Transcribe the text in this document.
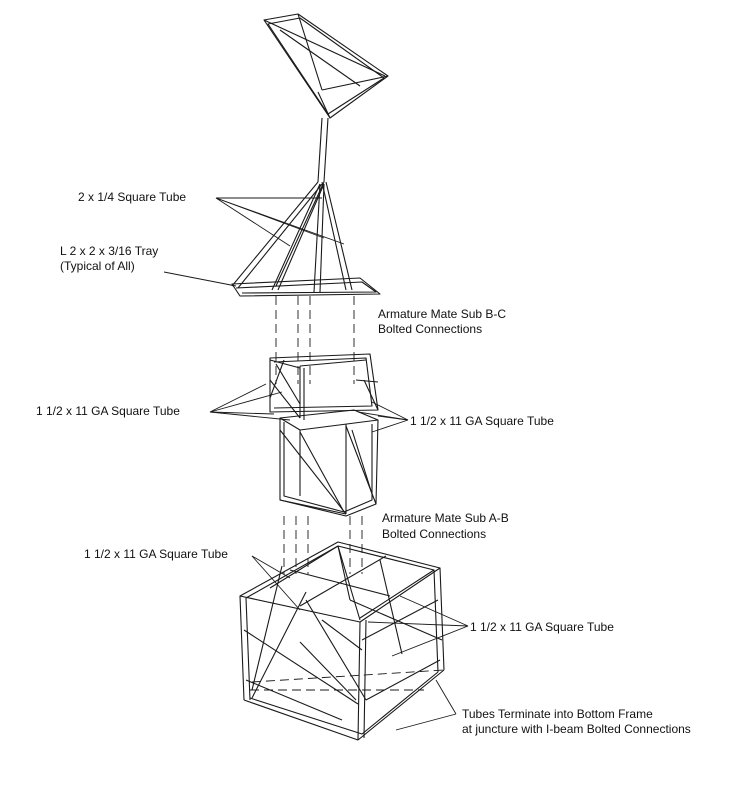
2 x 1/4 Square Tube
L 2 x 2 x 3/16 Tray
(Typical of All)
Armature Mate Sub B-C
Bolted Connections
1 1/2 x 11 GA Square Tube
1 1/2 x 11 GA Square Tube
Armature Mate Sub A-B
Bolted Connections
1 1/2 x 11 GA Square Tube
1 1/2 x 11 GA Square Tube
Tubes Terminate into Bottom Frame
at juncture with I-beam Bolted Connections
